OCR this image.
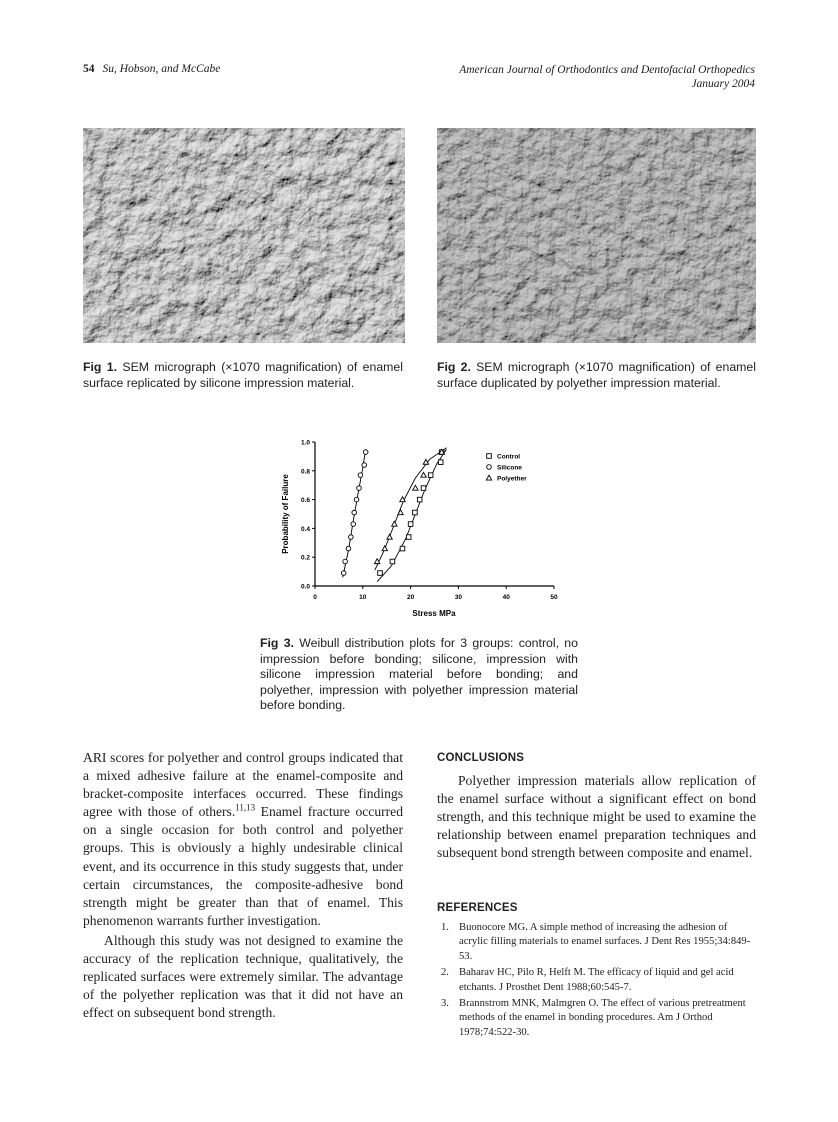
54 Su, Hobson, and McCabe	American Journal of Orthodontics and Dentofacial Orthopedics
January 2004
Fig 1. SEM micrograph (×1070 magnification) of enamel surface replicated by silicone impression material.
Fig 2. SEM micrograph (×1070 magnification) of enamel surface duplicated by polyether impression material.
0	10	20	30	40	50
0.0
0.2
0.4
0.6
0.8
1.0
Control
Silicone
Polyether
Stress MPa
Probability of Failure
Fig 3. Weibull distribution plots for 3 groups: control, no impression before bonding; silicone, impression with silicone impression material before bonding; and polyether, impression with polyether impression material before bonding.

ARI scores for polyether and control groups indicated that a mixed adhesive failure at the enamel-composite and bracket-composite interfaces occurred. These findings agree with those of others.$^{11,13}$ Enamel fracture occurred on a single occasion for both control and polyether groups. This is obviously a highly undesirable clinical event, and its occurrence in this study suggests that, under certain circumstances, the composite-adhesive bond strength might be greater than that of enamel. This phenomenon warrants further investigation.

Although this study was not designed to examine the accuracy of the replication technique, qualitatively, the replicated surfaces were extremely similar. The advantage of the polyether replication was that it did not have an effect on subsequent bond strength.

CONCLUSIONS

Polyether impression materials allow replication of the enamel surface without a significant effect on bond strength, and this technique might be used to examine the relationship between enamel preparation techniques and subsequent bond strength between composite and enamel.

REFERENCES
1. Buonocore MG. A simple method of increasing the adhesion of acrylic filling materials to enamel surfaces. J Dent Res 1955;34:849-53.
2. Baharav HC, Pilo R, Helft M. The efficacy of liquid and gel acid etchants. J Prosthet Dent 1988;60:545-7.
3. Brannstrom MNK, Malmgren O. The effect of various pretreatment methods of the enamel in bonding procedures. Am J Orthod 1978;74:522-30.
